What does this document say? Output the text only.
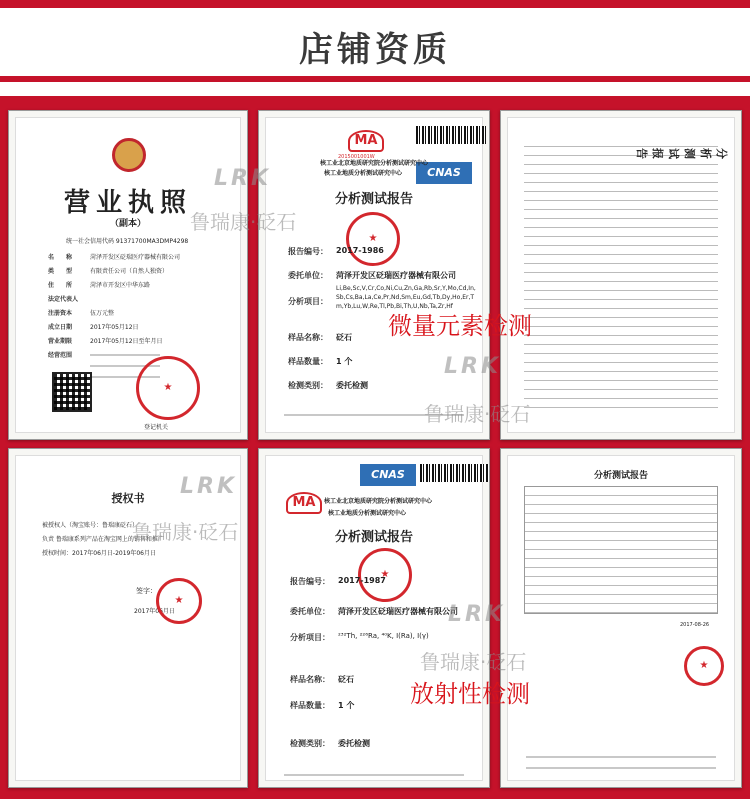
店铺资质
营业执照
（副本）
统一社会信用代码 91371700MA3DMP4298
名　　称	菏泽开发区砭瑞医疗器械有限公司
类　　型	有限责任公司（自然人独资）
住　　所	菏泽市开发区中华东路
法定代表人
注册资本	伍万元整
成立日期	2017年05月12日
营业期限	2017年05月12日至年月日
经营范围
★
登记机关
MA
2015001001W
CNAS
核工业北京地质研究院分析测试研究中心
核工业地质分析测试研究中心
分析测试报告
★
报告编号： 2017-1986
委托单位： 菏泽开发区砭瑞医疗器械有限公司
分析项目：
Li,Be,Sc,V,Cr,Co,Ni,Cu,Zn,Ga,Rb,Sr,Y,Mo,Cd,In,Sb,Cs,Ba,La,Ce,Pr,Nd,Sm,Eu,Gd,Tb,Dy,Ho,Er,Tm,Yb,Lu,W,Re,Tl,Pb,Bi,Th,U,Nb,Ta,Zr,Hf
样品名称： 砭石
样品数量： 1 个
检测类别： 委托检测
分析测试报告
授权书
被授权人（淘宝账号：鲁瑞康砭石）
负责 鲁瑞康系列产品在淘宝网上的销售和推广
授权时间：2017年06月日-2019年06月日
签字：
2017年06月日
★
CNAS
MA	核工业北京地质研究院分析测试研究中心
核工业地质分析测试研究中心
分析测试报告
★
报告编号： 2017-1987
委托单位： 菏泽开发区砭瑞医疗器械有限公司
分析项目： ²³²Th, ²²⁶Ra, ⁴⁰K, I(Ra), I(γ)
样品名称： 砭石
样品数量： 1 个
检测类别： 委托检测
分析测试报告
2017-08-26
★
微量元素检测
放射性检测
LRK
鲁瑞康·砭石
LRK
鲁瑞康·砭石
LRK
鲁瑞康·砭石
LRK
鲁瑞康·砭石
